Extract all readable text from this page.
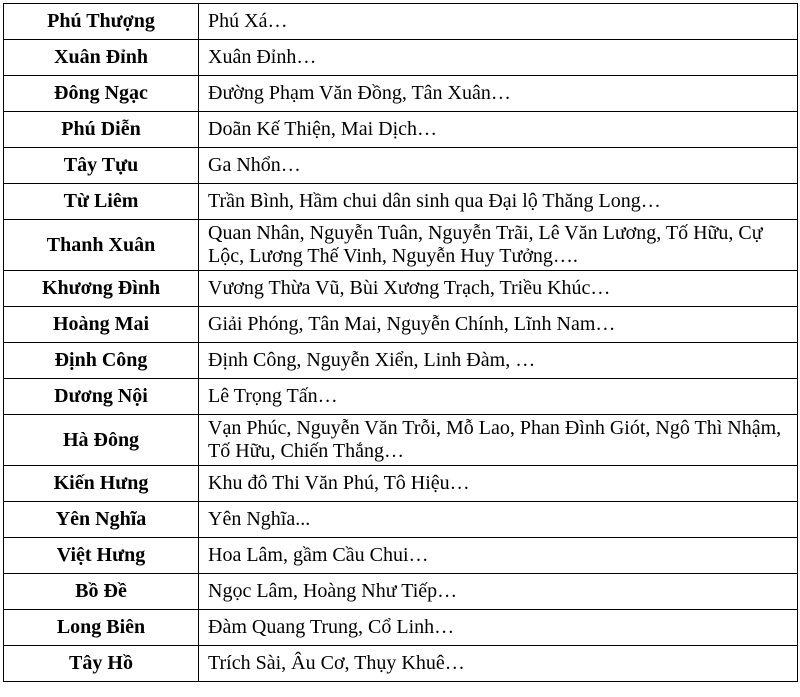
Phú Thượng	Phú Xá…
Xuân Đỉnh	Xuân Đỉnh…
Đông Ngạc	Đường Phạm Văn Đồng, Tân Xuân…
Phú Diễn	Doãn Kế Thiện, Mai Dịch…
Tây Tựu	Ga Nhổn…
Từ Liêm	Trần Bình, Hầm chui dân sinh qua Đại lộ Thăng Long…
Thanh Xuân	Quan Nhân, Nguyễn Tuân, Nguyễn Trãi, Lê Văn Lương, Tố Hữu, Cự Lộc, Lương Thế Vinh, Nguyễn Huy Tưởng….
Khương Đình	Vương Thừa Vũ, Bùi Xương Trạch, Triều Khúc…
Hoàng Mai	Giải Phóng, Tân Mai, Nguyễn Chính, Lĩnh Nam…
Định Công	Định Công, Nguyễn Xiển, Linh Đàm, …
Dương Nội	Lê Trọng Tấn…
Hà Đông	Vạn Phúc, Nguyễn Văn Trỗi, Mỗ Lao, Phan Đình Giót, Ngô Thì Nhậm, Tố Hữu, Chiến Thắng…
Kiến Hưng	Khu đô Thi Văn Phú, Tô Hiệu…
Yên Nghĩa	Yên Nghĩa...
Việt Hưng	Hoa Lâm, gầm Cầu Chui…
Bồ Đề	Ngọc Lâm, Hoàng Như Tiếp…
Long Biên	Đàm Quang Trung, Cổ Linh…
Tây Hồ	Trích Sài, Âu Cơ, Thụy Khuê…
